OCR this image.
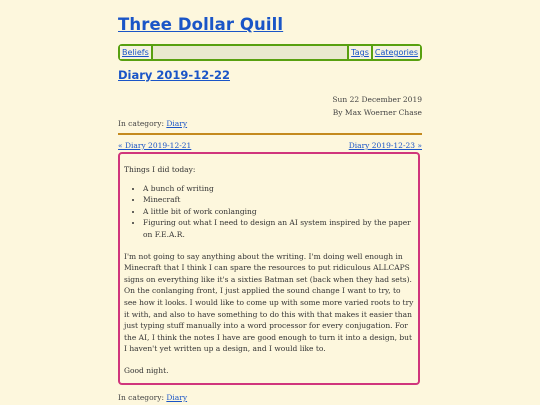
Three Dollar Quill
Beliefs	Tags Categories
Diary 2019-12-22
Sun 22 December 2019
By Max Woerner Chase
In category: Diary
« Diary 2019-12-21	Diary 2019-12-23 »

Things I did today:

• A bunch of writing
• Minecraft
• A little bit of work conlanging
• Figuring out what I need to design an AI system inspired by the paper on F.E.A.R.

I'm not going to say anything about the writing. I'm doing well enough in Minecraft that I think I can spare the resources to put ridiculous ALLCAPS signs on everything like it's a sixties Batman set (back when they had sets). On the conlanging front, I just applied the sound change I want to try, to see how it looks. I would like to come up with some more varied roots to try it with, and also to have something to do this with that makes it easier than just typing stuff manually into a word processor for every conjugation. For the AI, I think the notes I have are good enough to turn it into a design, but I haven't yet written up a design, and I would like to.

Good night.

In category: Diary
